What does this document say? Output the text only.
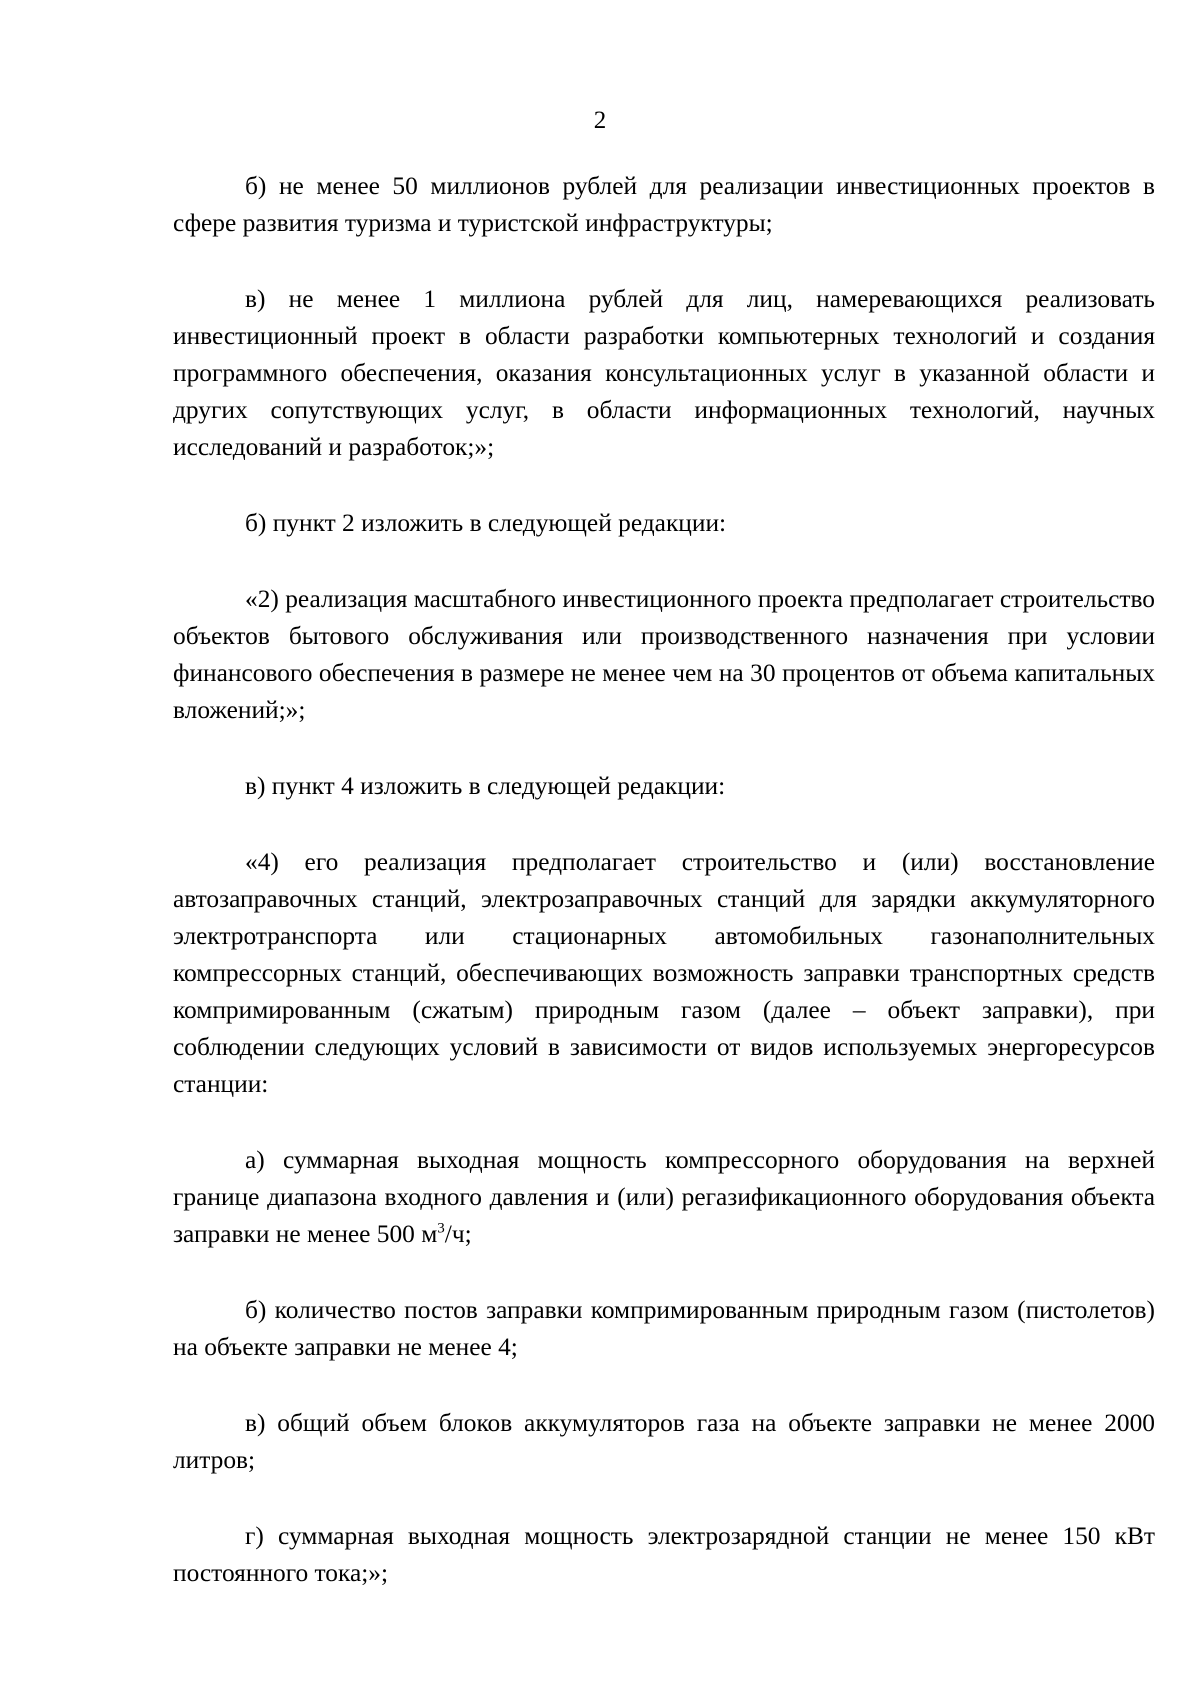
2

б) не менее 50 миллионов рублей для реализации инвестиционных проектов в сфере развития туризма и туристской инфраструктуры;

в) не менее 1 миллиона рублей для лиц, намеревающихся реализовать инвестиционный проект в области разработки компьютерных технологий и создания программного обеспечения, оказания консультационных услуг в указанной области и других сопутствующих услуг, в области информационных технологий, научных исследований и разработок;»;

б) пункт 2 изложить в следующей редакции:

«2) реализация масштабного инвестиционного проекта предполагает строительство объектов бытового обслуживания или производственного назначения при условии финансового обеспечения в размере не менее чем на 30 процентов от объема капитальных вложений;»;

в) пункт 4 изложить в следующей редакции:

«4) его реализация предполагает строительство и (или) восстановление автозаправочных станций, электрозаправочных станций для зарядки аккумуляторного электротранспорта или стационарных автомобильных газонаполнительных компрессорных станций, обеспечивающих возможность заправки транспортных средств компримированным (сжатым) природным газом (далее – объект заправки), при соблюдении следующих условий в зависимости от видов используемых энергоресурсов станции:

а) суммарная выходная мощность компрессорного оборудования на верхней границе диапазона входного давления и (или) регазификационного оборудования объекта заправки не менее 500 $м^3/ч$;

б) количество постов заправки компримированным природным газом (пистолетов) на объекте заправки не менее 4;

в) общий объем блоков аккумуляторов газа на объекте заправки не менее 2000 литров;

г) суммарная выходная мощность электрозарядной станции не менее 150 кВт постоянного тока;»;
